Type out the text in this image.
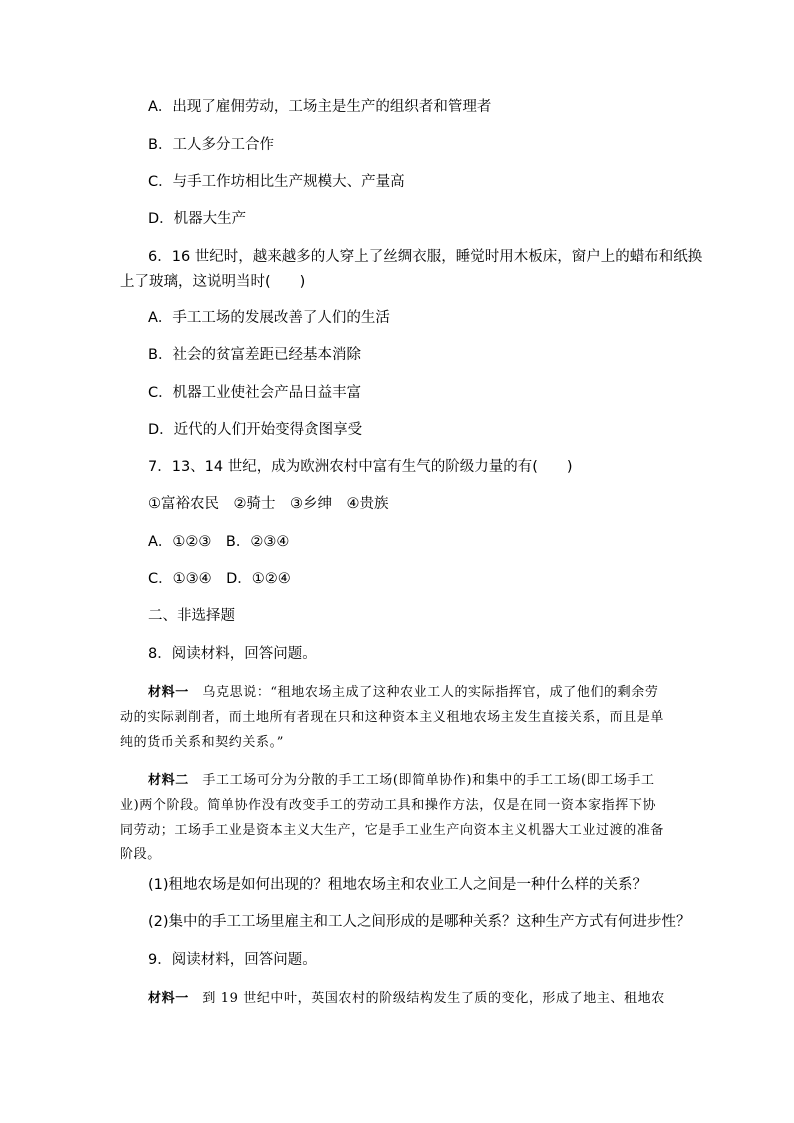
A．出现了雇佣劳动，工场主是生产的组织者和管理者
B．工人多分工合作
C．与手工作坊相比生产规模大、产量高
D．机器大生产
6．16 世纪时，越来越多的人穿上了丝绸衣服，睡觉时用木板床，窗户上的蜡布和纸换
上了玻璃，这说明当时(　　)
A．手工工场的发展改善了人们的生活
B．社会的贫富差距已经基本消除
C．机器工业使社会产品日益丰富
D．近代的人们开始变得贪图享受
7．13、14 世纪，成为欧洲农村中富有生气的阶级力量的有(　　)
①富裕农民　②骑士　③乡绅　④贵族
A．①②③　B．②③④
C．①③④　D．①②④
二、非选择题
8．阅读材料，回答问题。
材料一　乌克思说：“租地农场主成了这种农业工人的实际指挥官，成了他们的剩余劳
动的实际剥削者，而土地所有者现在只和这种资本主义租地农场主发生直接关系，而且是单
纯的货币关系和契约关系。”
材料二　手工工场可分为分散的手工工场(即简单协作)和集中的手工工场(即工场手工
业)两个阶段。简单协作没有改变手工的劳动工具和操作方法，仅是在同一资本家指挥下协
同劳动；工场手工业是资本主义大生产，它是手工业生产向资本主义机器大工业过渡的准备
阶段。
(1)租地农场是如何出现的？租地农场主和农业工人之间是一种什么样的关系？
(2)集中的手工工场里雇主和工人之间形成的是哪种关系？这种生产方式有何进步性？
9．阅读材料，回答问题。
材料一　到 19 世纪中叶，英国农村的阶级结构发生了质的变化，形成了地主、租地农
